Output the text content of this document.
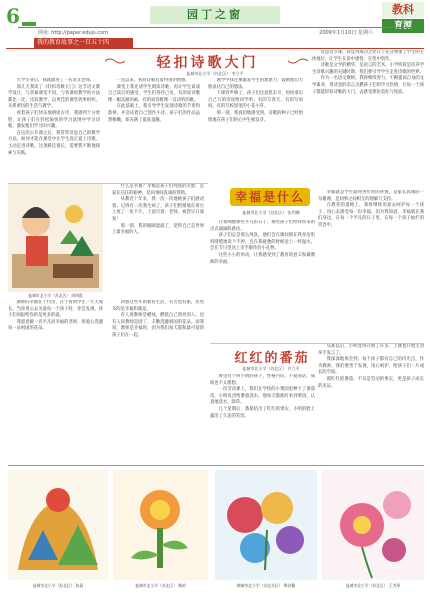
6	园丁之窗	教科
育源
网址: http://paper.edujs.com	2009年1月10日 星期六
我的教育故事之一百五十四
轻扣诗歌大门
盐城市北小学（苏北区） 李立平

大学毕业后，我就踏进了一名语文老师。

那几天我读了《轻扣诗歌大门》这节语文教学设计，与普通课堂不同，与各课时教学的方法都比一比，比较教学，以更佳的课堂效果组织，关系密切的生活与教学。

看着孩子们快乐地朗读古诗，我感到十分欣慰，让孩子们在轻松愉快的学习氛围中学习诗歌，激发他们学习的兴趣。

在这次公开课之后，我常常反思自己的教学方法，如何才能在课堂中让学生真正爱上诗歌，主动走进诗歌，这条路还很长，需要我不断地探索与实践。

一直以来，我对诗歌有着特别的情感。

课堂上我先请学生朗读诗歌，再让学生谈谈自己读后的感受，学生们各抒己见，有的说诗歌像一幅美丽的画，有的说诗歌像一首动听的歌。

在此基础上，我引导学生发现诗歌的节奏和韵律，并尝试着自己创作小诗。孩子们的作品虽然稚嫩，却充满了童真童趣。

教学中我注重激发学生的想象力，鼓励他们大胆表达自己的想法。

下课铃声响了，孩子们还意犹未尽，纷纷拿出自己写的诗读给同学听。有的写春天，有的写妈妈，有的写校园里的小花小草。

那一刻，我真切地感受到，诗歌的种子已经悄悄地在孩子们的心中生根发芽。

反思这节课，我觉得成功之处在于充分尊重了学生的主体地位，让学生在读中感悟，在悟中创作。

诗歌是文学的精华，是语言的艺术。小学阶段是培养学生诗歌兴趣的关键时期，我们要引导学生走进诗歌的世界。

作为一名语文教师，我将继续努力，不断提高自身的文学素养，用诗意的语言点燃孩子们的学习热情，让每一个孩子都能轻扣诗歌的大门，去感受那份美好与纯真。

盐城市北小学（苏北区） 周明霞

什么是幸福？幸福是孩子们纯真的笑脸，是家长信任的眼神，是同事间真诚的帮助。

从教近十年来，我一次一次地被孩子们感动着。记得有一次我生病了，孩子们悄悄地在讲台上放了一张卡片，上面写着：老师，祝您早日康复！

那一刻，我的眼睛湿润了，觉得自己是世界上最幸福的人。

教师的幸福在于付出，在于看到学生一天天成长。当你用心去关爱每一个孩子时，你会发现，孩子们回报给你的是更多的爱。

我愿意做一名平凡而幸福的老师，用爱心浇灌每一朵祖国的花朵。

回想这些年的教育生活，有苦也有甜，但更多的是幸福和满足。

有人说教师是蜡烛，燃烧自己照亮别人；也有人说教师是园丁，辛勤浇灌祖国的花朵。而我说，教师是幸福的，因为我们每天都和最可爱的孩子们在一起。

幸福是什么
盐城市北小学（苏北区） 张利娜

让我细数那些平凡的日子，那些孩子们给我带来的点点滴滴的感动。

孩子们总是那么纯真，他们会在课间围在我身边叽叽喳喳地说个不停，会在我疲惫的时候送上一杯温水，会在节日里送上亲手制作的小礼物。

这些小小的举动，让我感受到了教育的意义和做教师的幸福。

幸福就是学生取得进步时的喜悦，是家长真诚的一句谢谢，是同事之间相互的理解与支持。

在教育的道路上，我将继续用爱去呵护每一个孩子，用心去感受每一份幸福。因为我知道，幸福就在我们身边，在每一个平凡的日子里，在每一个孩子灿烂的笑容中。

红红的番茄
盐城市北小学（苏北区） 许立平

班里有个叫小明的孩子，性格内向，不爱说话，成绩也不太理想。

一次劳动课上，我们在学校的小菜园里种下了番茄苗，小明负责给番茄浇水。他每天都准时来到菜园，认真地浇水、除草。

几个星期后，番茄结出了红红的果实，小明的脸上露出了久违的笑容。

从那以后，小明变得开朗了许多，上课也开始主动举手发言了。

我深深地体会到，每个孩子都有自己的闪光点，作为教师，我们要善于发现，用心呵护，给孩子们一片成长的空间。

那红红的番茄，不仅是劳动的果实，更是孩子成长的见证。

盐城市北小学（苏北区） 陈晨	盐城市北小学（苏北区） 陶裕	鹤城市北小学（苏北东区） 缪舒馨	盐城市北小学（苏北区） 王秀琴
